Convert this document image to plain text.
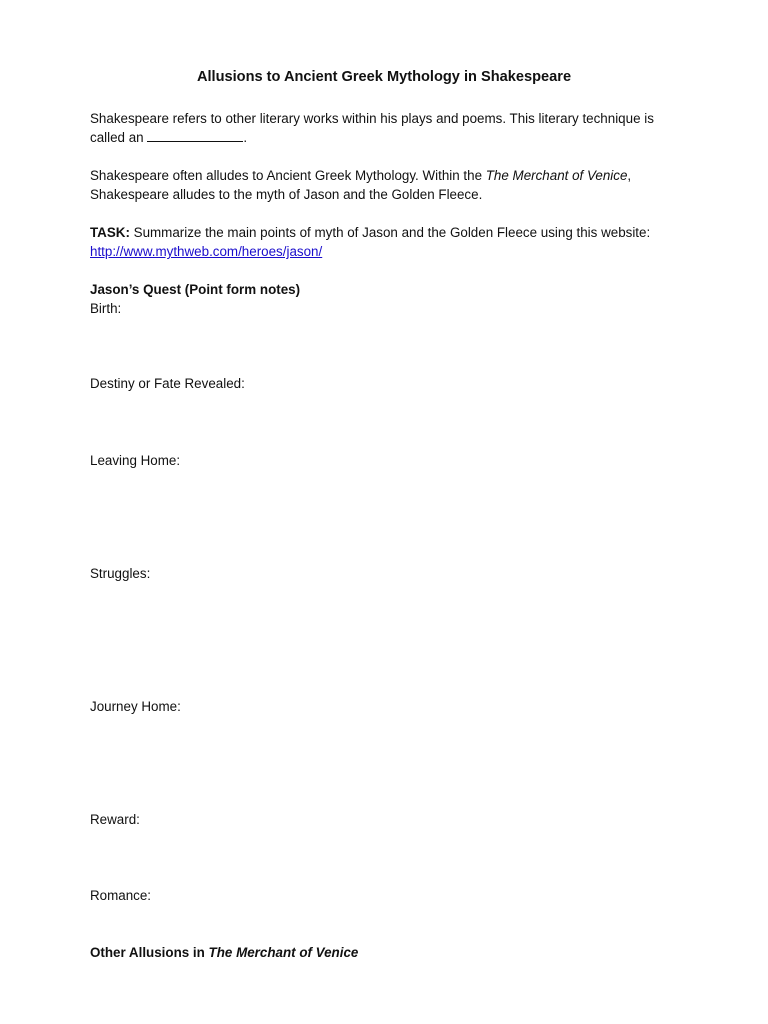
Allusions to Ancient Greek Mythology in Shakespeare
Shakespeare refers to other literary works within his plays and poems. This literary technique is
called an	.
Shakespeare often alludes to Ancient Greek Mythology. Within the The Merchant of Venice,
Shakespeare alludes to the myth of Jason and the Golden Fleece.
TASK: Summarize the main points of myth of Jason and the Golden Fleece using this website:
http://www.mythweb.com/heroes/jason/
Jason’s Quest (Point form notes)
Birth:
Destiny or Fate Revealed:
Leaving Home:
Struggles:
Journey Home:
Reward:
Romance:
Other Allusions in The Merchant of Venice
